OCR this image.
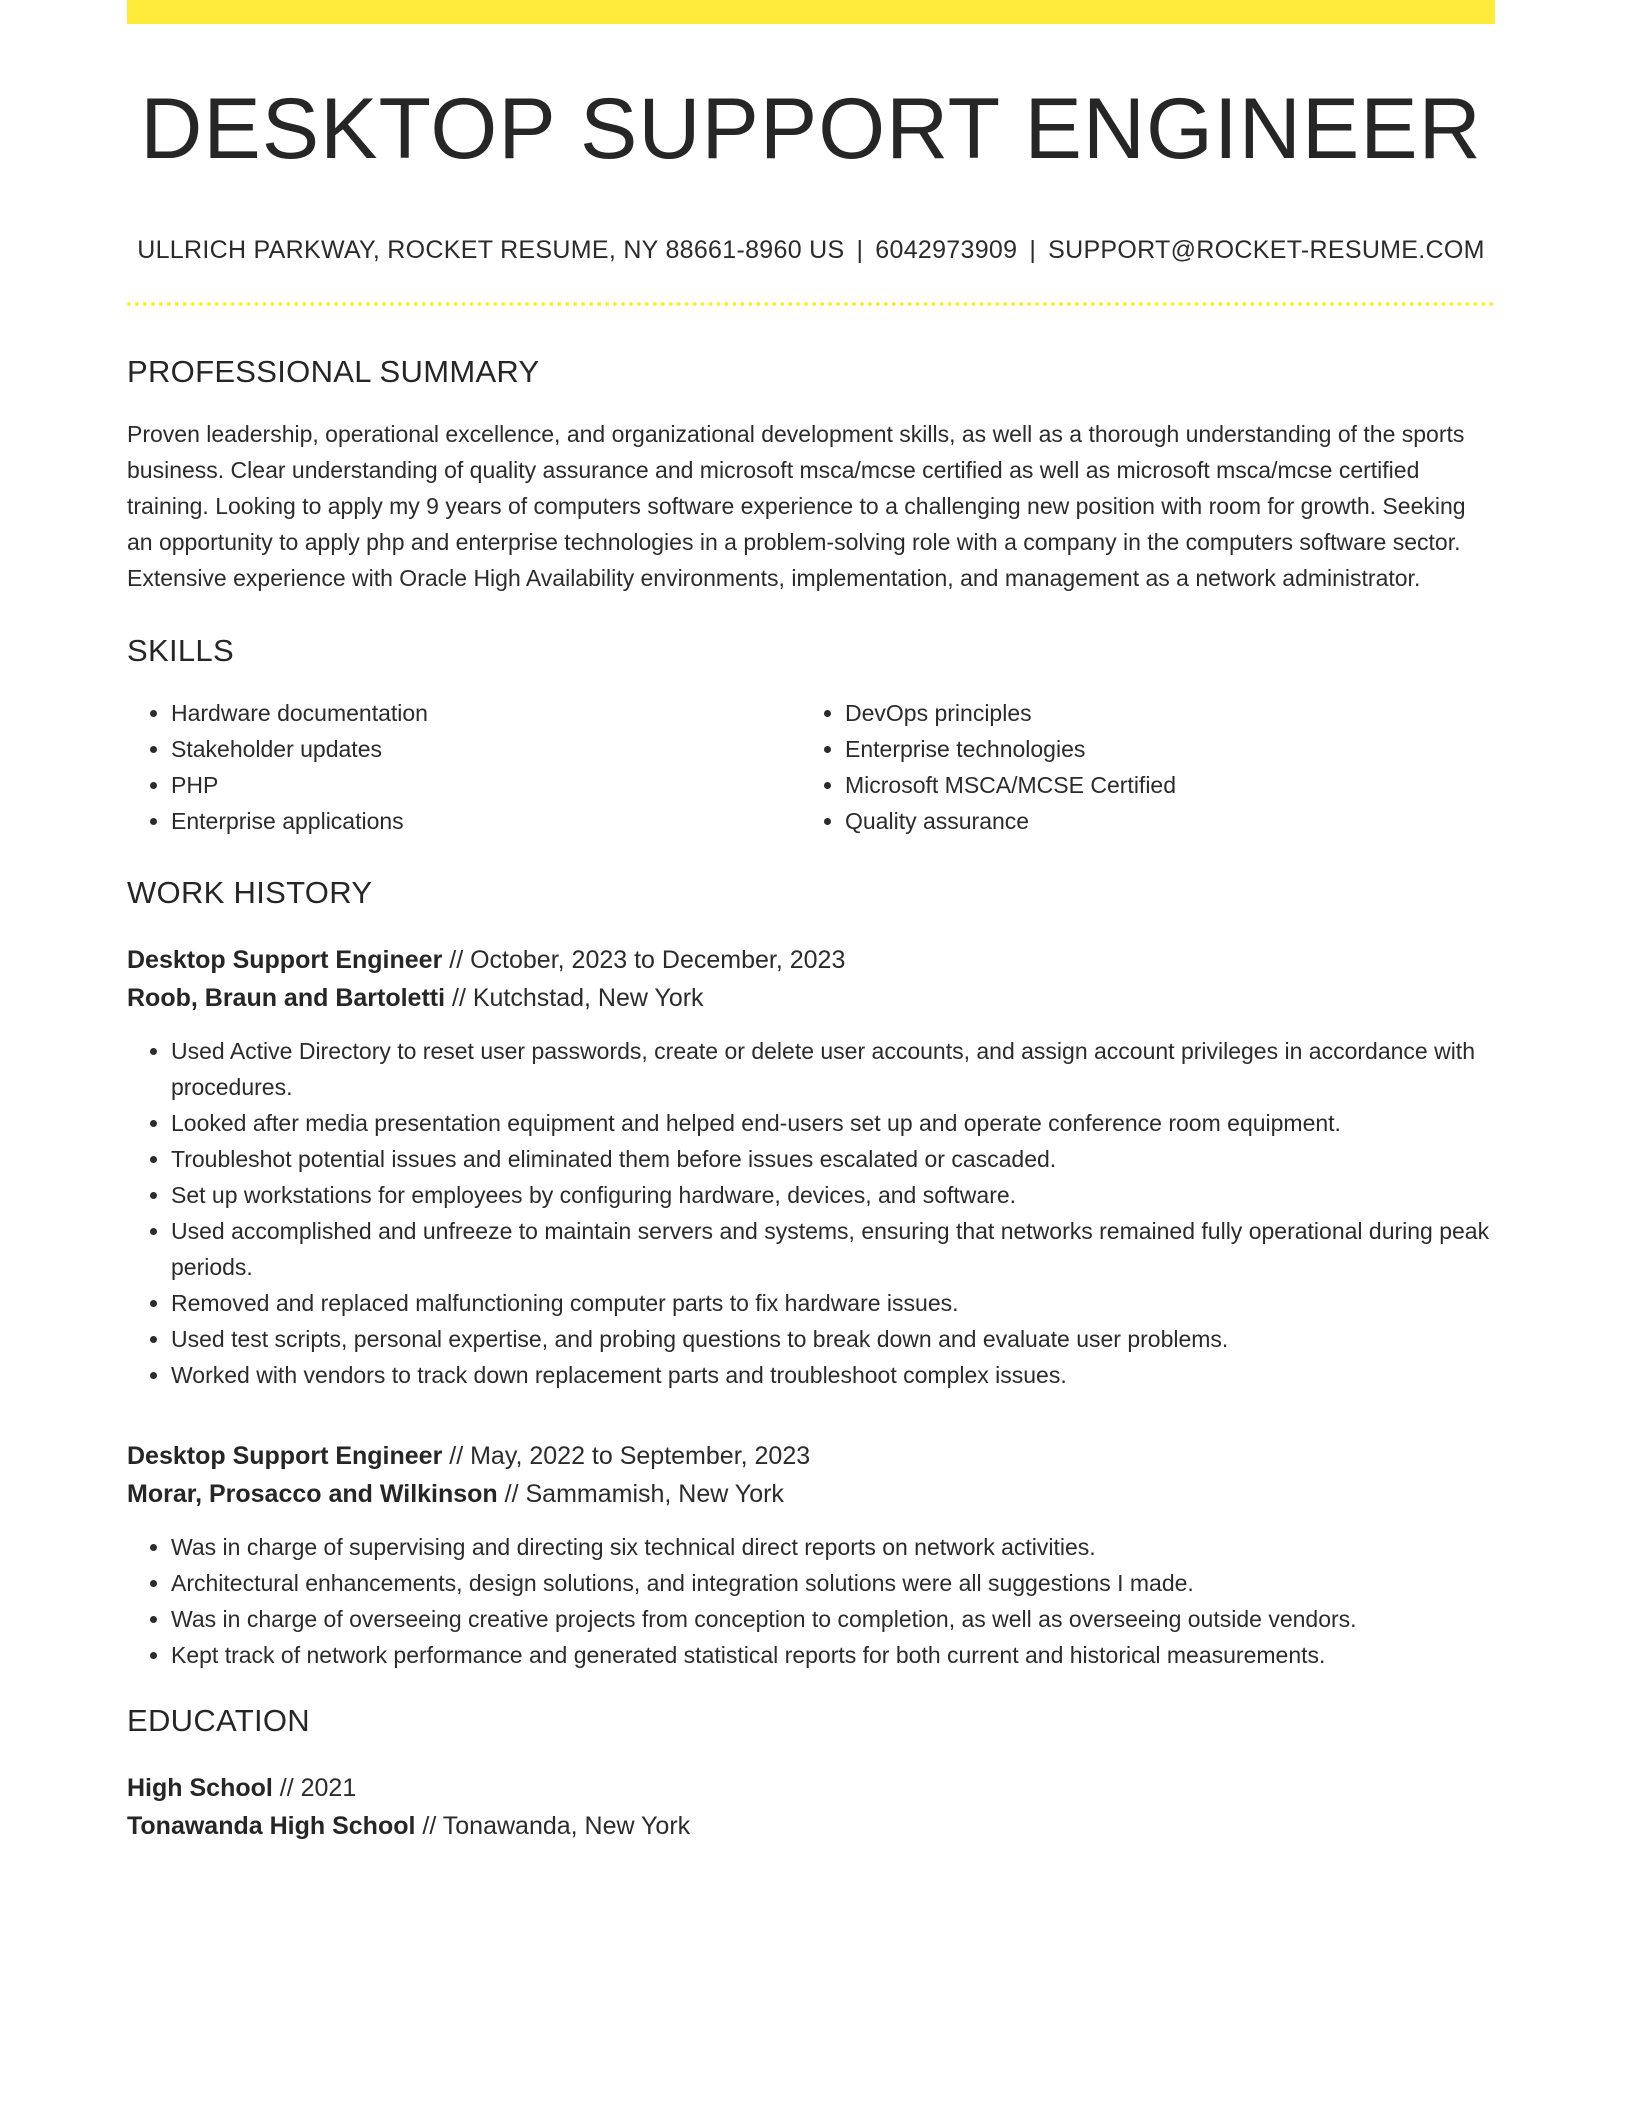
DESKTOP SUPPORT ENGINEER
ULLRICH PARKWAY, ROCKET RESUME, NY 88661-8960 US | 6042973909 | SUPPORT@ROCKET-RESUME.COM
PROFESSIONAL SUMMARY

Proven leadership, operational excellence, and organizational development skills, as well as a thorough understanding of the sports business. Clear understanding of quality assurance and microsoft msca/mcse certified as well as microsoft msca/mcse certified training. Looking to apply my 9 years of computers software experience to a challenging new position with room for growth. Seeking an opportunity to apply php and enterprise technologies in a problem-solving role with a company in the computers software sector. Extensive experience with Oracle High Availability environments, implementation, and management as a network administrator.

SKILLS
• Hardware documentation
• Stakeholder updates
• PHP
• Enterprise applications
• DevOps principles
• Enterprise technologies
• Microsoft MSCA/MCSE Certified
• Quality assurance
WORK HISTORY
Desktop Support Engineer // October, 2023 to December, 2023
Roob, Braun and Bartoletti // Kutchstad, New York
• Used Active Directory to reset user passwords, create or delete user accounts, and assign account privileges in accordance with procedures.
• Looked after media presentation equipment and helped end-users set up and operate conference room equipment.
• Troubleshot potential issues and eliminated them before issues escalated or cascaded.
• Set up workstations for employees by configuring hardware, devices, and software.
• Used accomplished and unfreeze to maintain servers and systems, ensuring that networks remained fully operational during peak periods.
• Removed and replaced malfunctioning computer parts to fix hardware issues.
• Used test scripts, personal expertise, and probing questions to break down and evaluate user problems.
• Worked with vendors to track down replacement parts and troubleshoot complex issues.
Desktop Support Engineer // May, 2022 to September, 2023
Morar, Prosacco and Wilkinson // Sammamish, New York
• Was in charge of supervising and directing six technical direct reports on network activities.
• Architectural enhancements, design solutions, and integration solutions were all suggestions I made.
• Was in charge of overseeing creative projects from conception to completion, as well as overseeing outside vendors.
• Kept track of network performance and generated statistical reports for both current and historical measurements.
EDUCATION
High School // 2021
Tonawanda High School // Tonawanda, New York
